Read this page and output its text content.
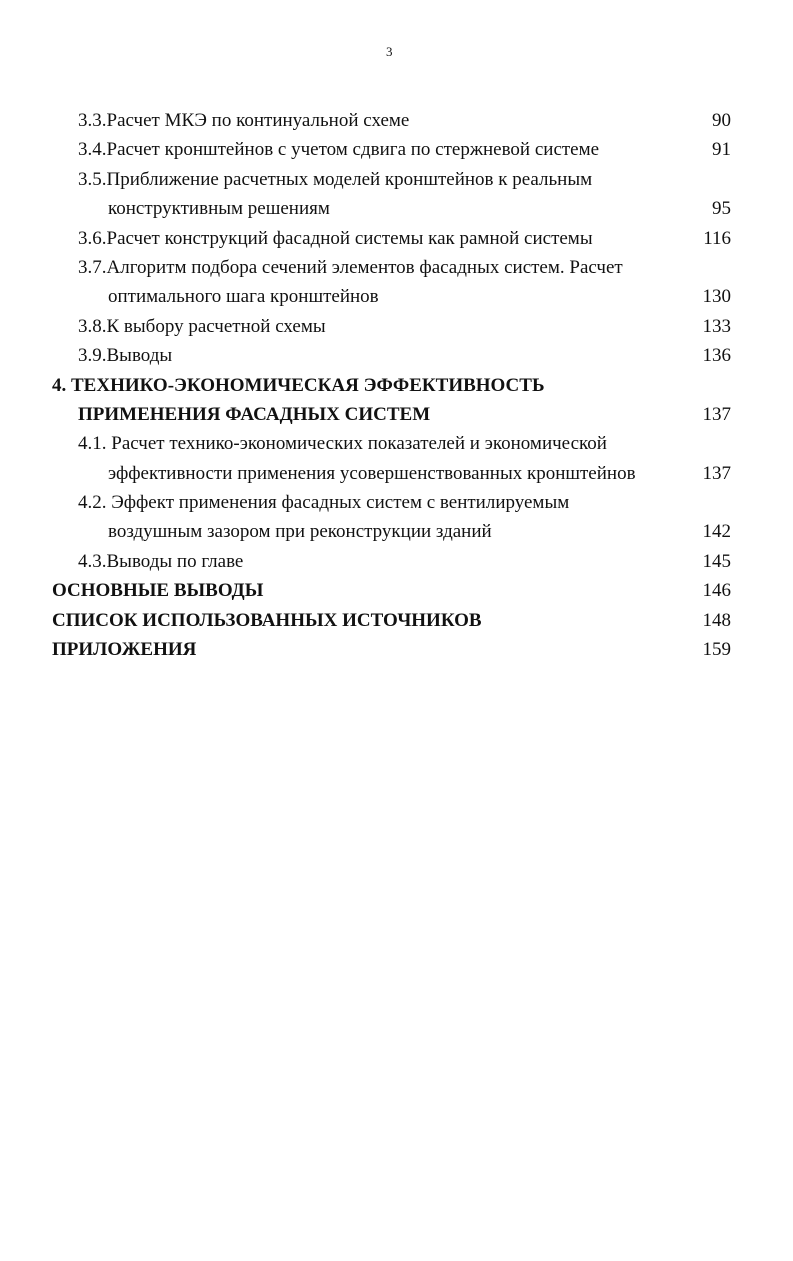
3
3.3.Расчет МКЭ по континуальной схеме	90
3.4.Расчет кронштейнов с учетом сдвига по стержневой системе	91
3.5.Приближение расчетных моделей кронштейнов к реальным
конструктивным решениям	95
3.6.Расчет конструкций фасадной системы как рамной системы	116
3.7.Алгоритм подбора сечений элементов фасадных систем. Расчет
оптимального шага кронштейнов	130
3.8.К выбору расчетной схемы	133
3.9.Выводы	136
4. ТЕХНИКО-ЭКОНОМИЧЕСКАЯ ЭФФЕКТИВНОСТЬ
ПРИМЕНЕНИЯ ФАСАДНЫХ СИСТЕМ	137
4.1. Расчет технико-экономических показателей и экономической
эффективности применения усовершенствованных кронштейнов	137
4.2. Эффект применения фасадных систем с вентилируемым
воздушным зазором при реконструкции зданий	142
4.3.Выводы по главе	145
ОСНОВНЫЕ ВЫВОДЫ	146
СПИСОК ИСПОЛЬЗОВАННЫХ ИСТОЧНИКОВ	148
ПРИЛОЖЕНИЯ	159
